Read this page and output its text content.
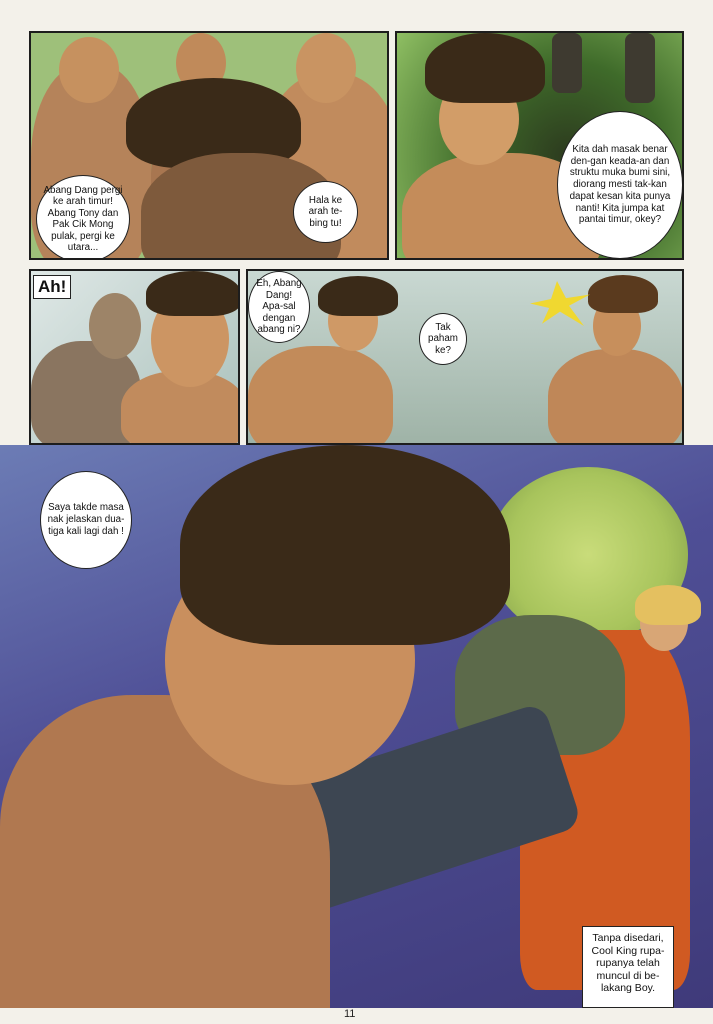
Abang Dang pergi ke arah timur! Abang Tony dan Pak Cik Mong pulak, pergi ke utara...
Hala ke arah te-bing tu!
Kita dah masak benar den-gan keada-an dan struktu muka bumi sini, diorang mesti tak-kan dapat kesan kita punya nanti! Kita jumpa kat pantai timur, okey?
Ah!	Eh, Abang Dang! Apa-sal dengan abang ni?	Tak paham ke?
Saya takde masa nak jelaskan dua-tiga kali lagi dah !
Tanpa disedari, Cool King rupa-rupanya telah muncul di be-lakang Boy.
11
